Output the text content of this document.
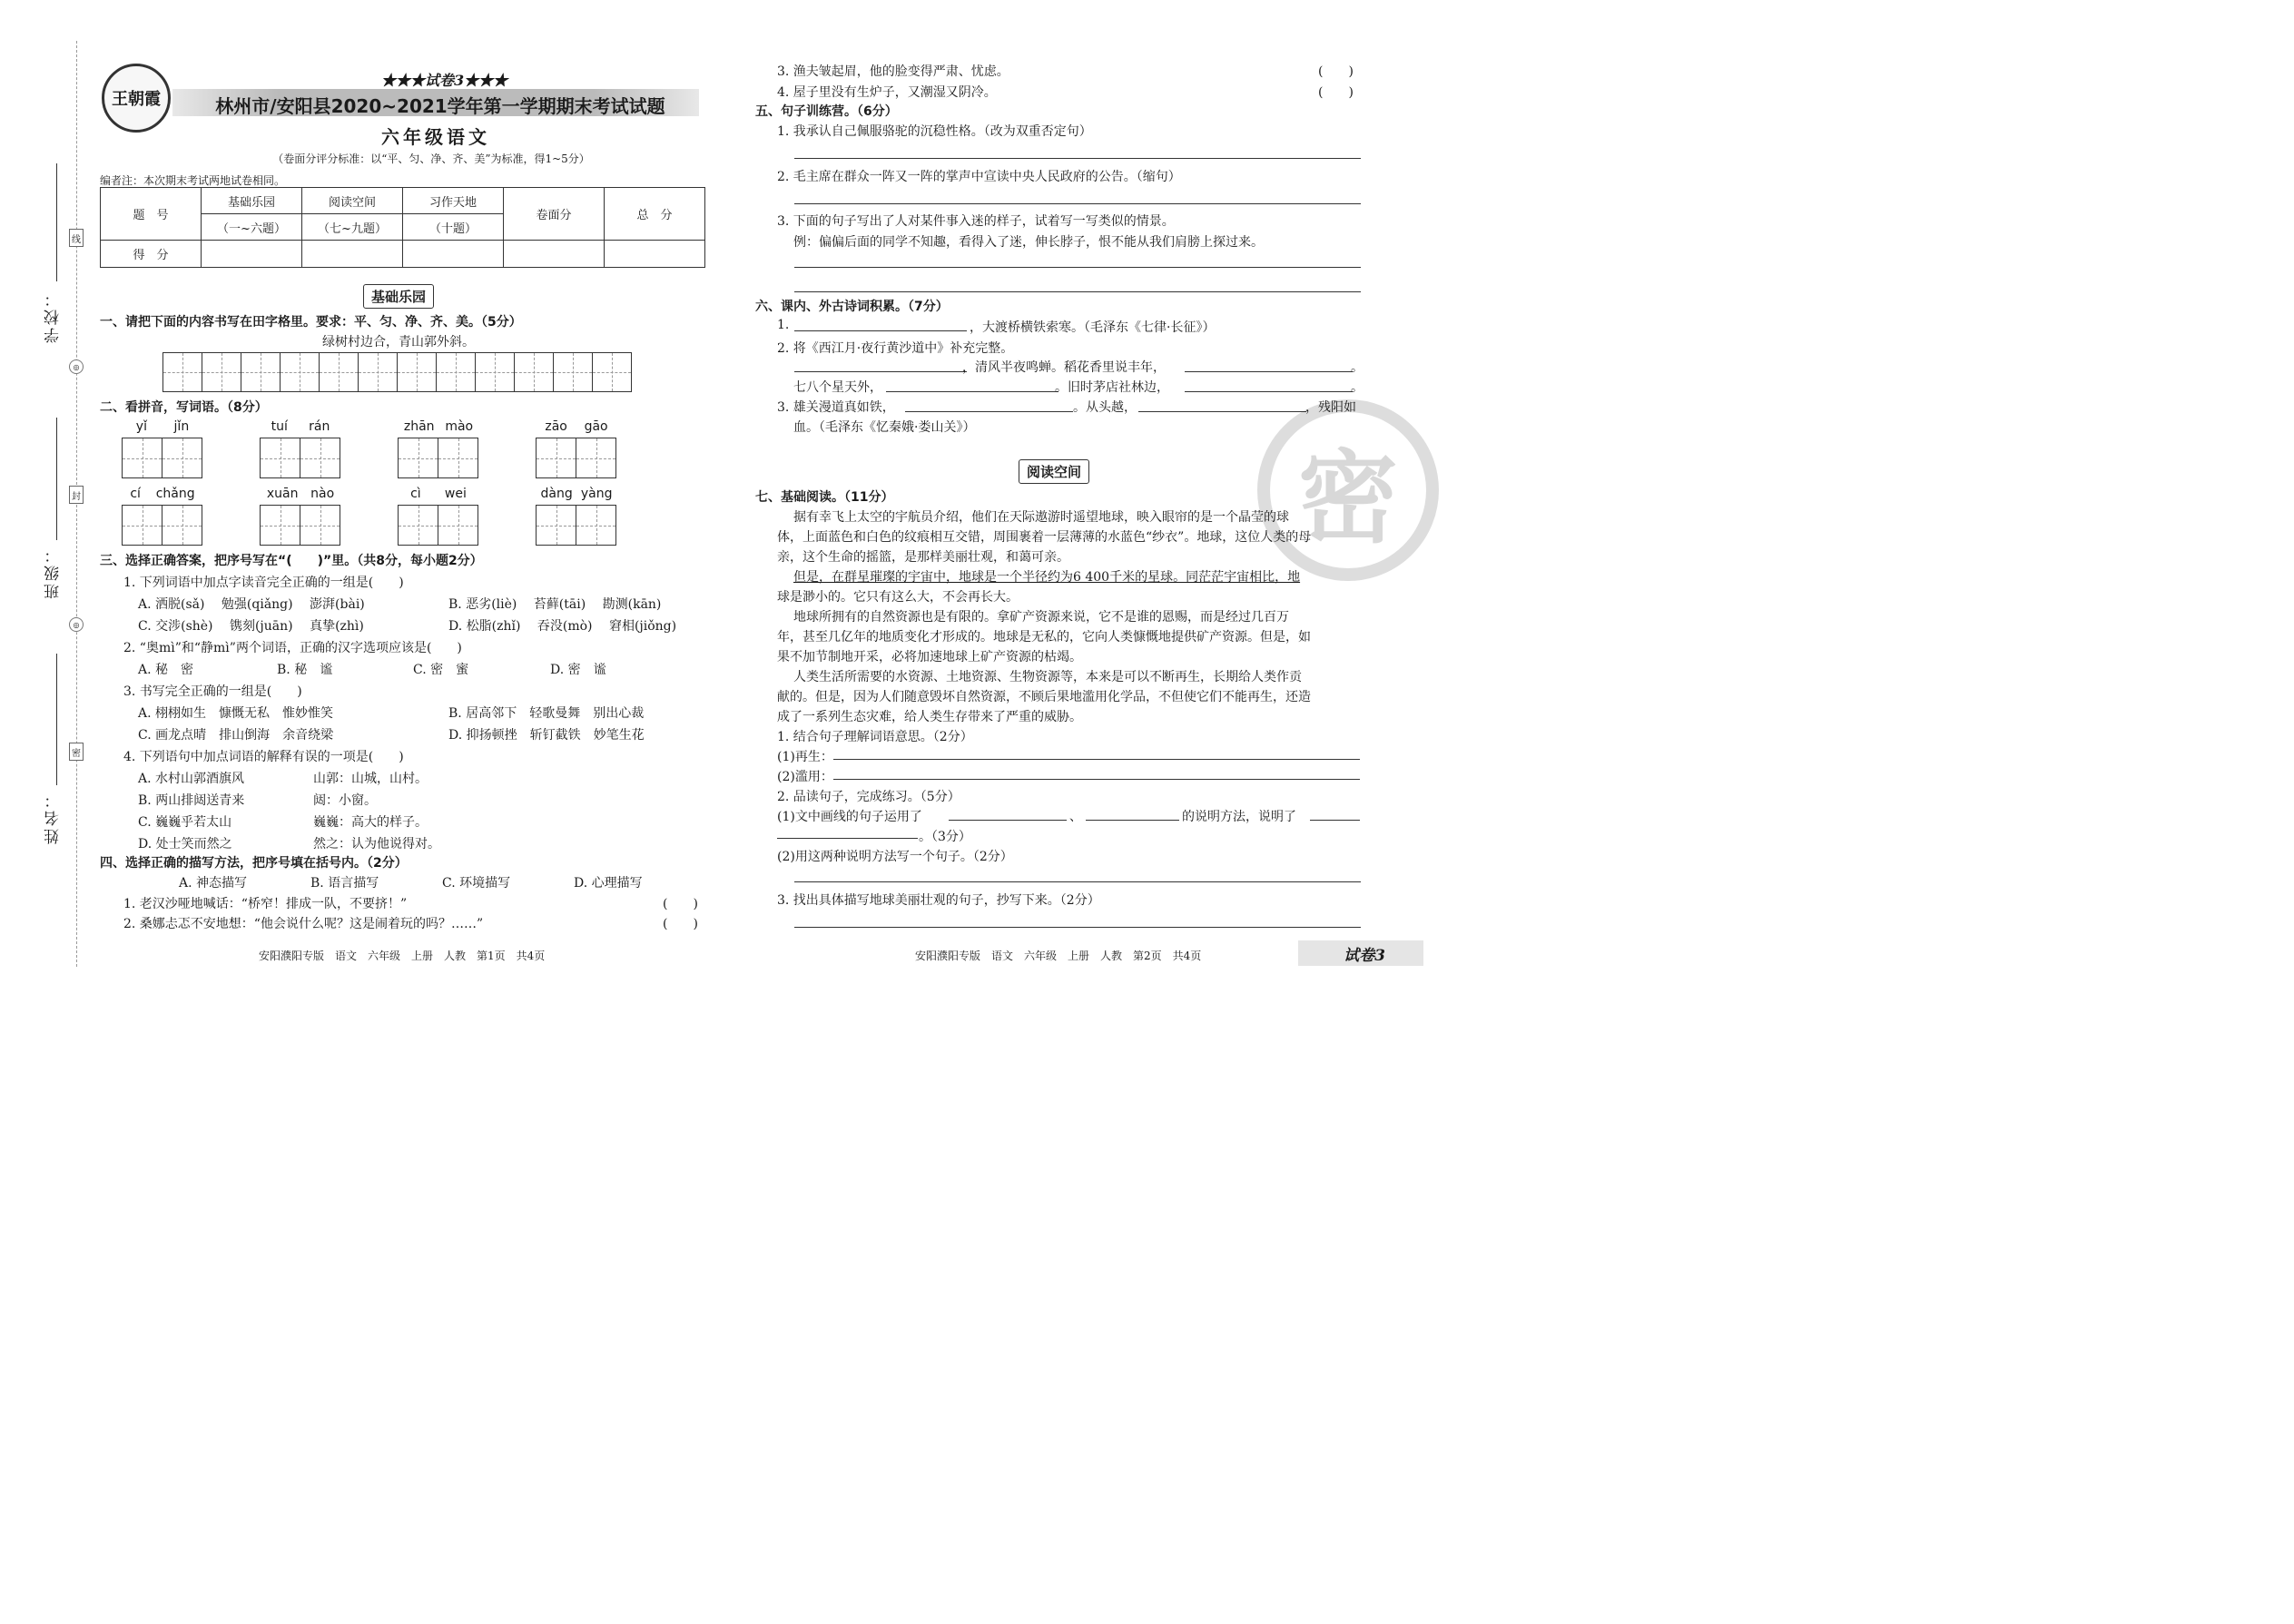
学校：
班级：
姓名：
线
封
密
◎
◎
王朝霞
★★★试卷3★★★
林州市/安阳县2020~2021学年第一学期期末考试试题
六年级语文
（卷面分评分标准：以“平、匀、净、齐、美”为标准，得1~5分）
编者注：本次期末考试两地试卷相同。
题　号	基础乐园	阅读空间	习作天地	卷面分	总　分
	（一~六题）	（七~九题）	（十题）		
得　分					
基础乐园
一、请把下面的内容书写在田字格里。要求：平、匀、净、齐、美。（5分）
绿树村边合，青山郭外斜。
二、看拼音，写词语。（8分）
yǐ jǐn	tuí rán	zhān mào	zāo gāo
cí chǎng	xuān nào	cì wei	dàng yàng
三、选择正确答案，把序号写在“(　　)”里。（共8分，每小题2分）
1. 下列词语中加点字读音完全正确的一组是(　　)
A. 洒脱(sǎ)　 勉强(qiǎng)　 澎湃(bài)	B. 恶劣(liè)　 苔藓(tāi)　 勘测(kān)
C. 交涉(shè)　 镌刻(juān)　 真挚(zhì)	D. 松脂(zhǐ)　 吞没(mò)　 窘相(jiǒng)
2. “奥mì”和“静mì”两个词语，正确的汉字选项应该是(　　)
A. 秘　密	B. 秘　谧	C. 密　蜜	D. 密　谧
3. 书写完全正确的一组是(　　)
A. 栩栩如生　慷慨无私　惟妙惟笑	B. 居高邻下　轻歌曼舞　别出心裁
C. 画龙点晴　排山倒海　余音绕梁	D. 抑扬顿挫　斩钉截铁　妙笔生花
4. 下列语句中加点词语的解释有误的一项是(　　)
A. 水村山郭酒旗风	山郭：山城，山村。
B. 两山排闼送青来	闼：小窗。
C. 巍巍乎若太山	巍巍：高大的样子。
D. 处士笑而然之	然之：认为他说得对。
四、选择正确的描写方法，把序号填在括号内。（2分）
A. 神态描写	B. 语言描写	C. 环境描写	D. 心理描写
1. 老汉沙哑地喊话：“桥窄！排成一队，不要挤！”	(　　)
2. 桑娜忐忑不安地想：“他会说什么呢？这是闹着玩的吗？……”	(　　)
安阳濮阳专版　语文　六年级　上册　人教　第1页　共4页
密
3. 渔夫皱起眉，他的脸变得严肃、忧虑。	(　　)
4. 屋子里没有生炉子，又潮湿又阴冷。	(　　)
五、句子训练营。（6分）
1. 我承认自己佩服骆驼的沉稳性格。（改为双重否定句）
2. 毛主席在群众一阵又一阵的掌声中宣读中央人民政府的公告。（缩句）
3. 下面的句子写出了人对某件事入迷的样子，试着写一写类似的情景。
例：偏偏后面的同学不知趣，看得入了迷，伸长脖子，恨不能从我们肩膀上探过来。
六、课内、外古诗词积累。（7分）
1.	，大渡桥横铁索寒。（毛泽东《七律·长征》）
2. 将《西江月·夜行黄沙道中》补充完整。
，清风半夜鸣蝉。稻花香里说丰年，	。
七八个星天外，	。旧时茅店社林边，	。
3. 雄关漫道真如铁，	。从头越，	，残阳如
血。（毛泽东《忆秦娥·娄山关》）
阅读空间
七、基础阅读。（11分）
据有幸飞上太空的宇航员介绍，他们在天际遨游时遥望地球，映入眼帘的是一个晶莹的球
体，上面蓝色和白色的纹痕相互交错，周围裹着一层薄薄的水蓝色“纱衣”。地球，这位人类的母
亲，这个生命的摇篮，是那样美丽壮观，和蔼可亲。
但是，在群星璀璨的宇宙中，地球是一个半径约为6 400千米的星球。同茫茫宇宙相比，地
球是渺小的。它只有这么大，不会再长大。
地球所拥有的自然资源也是有限的。拿矿产资源来说，它不是谁的恩赐，而是经过几百万
年，甚至几亿年的地质变化才形成的。地球是无私的，它向人类慷慨地提供矿产资源。但是，如
果不加节制地开采，必将加速地球上矿产资源的枯竭。
人类生活所需要的水资源、土地资源、生物资源等，本来是可以不断再生，长期给人类作贡
献的。但是，因为人们随意毁坏自然资源，不顾后果地滥用化学品，不但使它们不能再生，还造
成了一系列生态灾难，给人类生存带来了严重的威胁。
1. 结合句子理解词语意思。（2分）
(1)再生：
(2)滥用：
2. 品读句子，完成练习。（5分）
(1)文中画线的句子运用了	、	的说明方法，说明了
。（3分）
(2)用这两种说明方法写一个句子。（2分）
3. 找出具体描写地球美丽壮观的句子，抄写下来。（2分）
安阳濮阳专版　语文　六年级　上册　人教　第2页　共4页	试卷3
